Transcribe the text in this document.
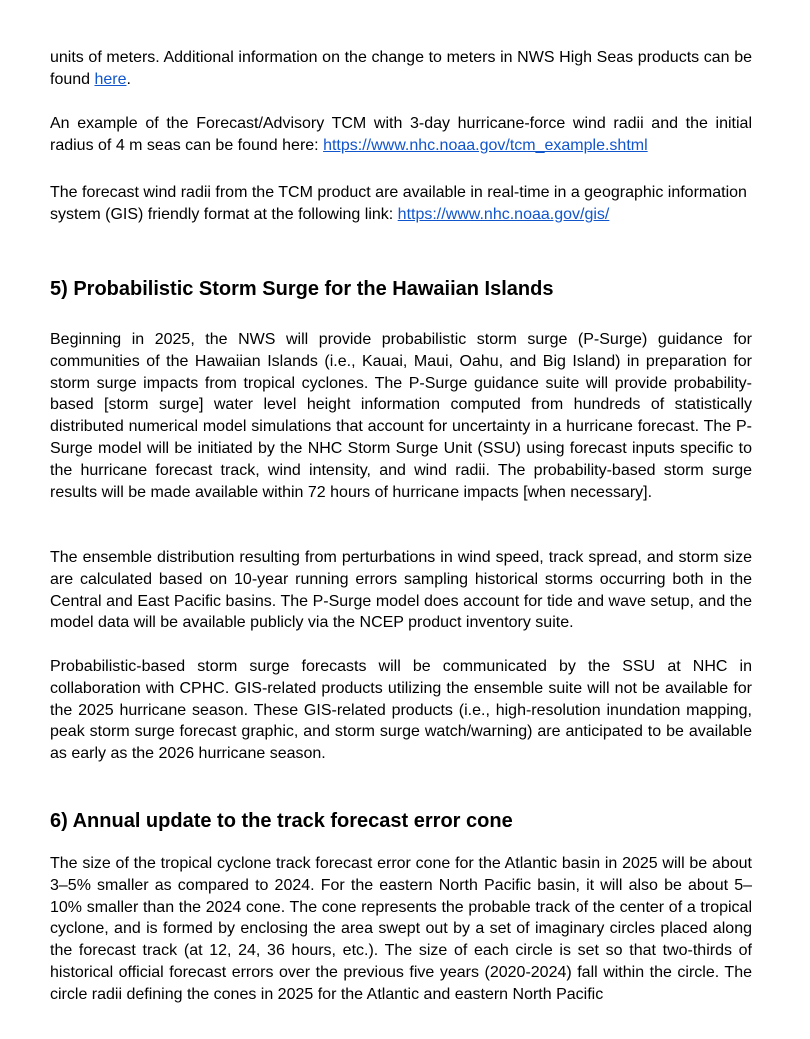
units of meters. Additional information on the change to meters in NWS High Seas products can be found here.

An example of the Forecast/Advisory TCM with 3-day hurricane-force wind radii and the initial radius of 4 m seas can be found here: https://www.nhc.noaa.gov/tcm_example.shtml

The forecast wind radii from the TCM product are available in real-time in a geographic information system (GIS) friendly format at the following link: https://www.nhc.noaa.gov/gis/

5) Probabilistic Storm Surge for the Hawaiian Islands

Beginning in 2025, the NWS will provide probabilistic storm surge (P-Surge) guidance for communities of the Hawaiian Islands (i.e., Kauai, Maui, Oahu, and Big Island) in preparation for storm surge impacts from tropical cyclones. The P-Surge guidance suite will provide probability-based [storm surge] water level height information computed from hundreds of statistically distributed numerical model simulations that account for uncertainty in a hurricane forecast. The P-Surge model will be initiated by the NHC Storm Surge Unit (SSU) using forecast inputs specific to the hurricane forecast track, wind intensity, and wind radii. The probability-based storm surge results will be made available within 72 hours of hurricane impacts [when necessary].

The ensemble distribution resulting from perturbations in wind speed, track spread, and storm size are calculated based on 10-year running errors sampling historical storms occurring both in the Central and East Pacific basins. The P-Surge model does account for tide and wave setup, and the model data will be available publicly via the NCEP product inventory suite.

Probabilistic-based storm surge forecasts will be communicated by the SSU at NHC in collaboration with CPHC. GIS-related products utilizing the ensemble suite will not be available for the 2025 hurricane season. These GIS-related products (i.e., high-resolution inundation mapping, peak storm surge forecast graphic, and storm surge watch/warning) are anticipated to be available as early as the 2026 hurricane season.

6) Annual update to the track forecast error cone

The size of the tropical cyclone track forecast error cone for the Atlantic basin in 2025 will be about 3–5% smaller as compared to 2024. For the eastern North Pacific basin, it will also be about 5–10% smaller than the 2024 cone. The cone represents the probable track of the center of a tropical cyclone, and is formed by enclosing the area swept out by a set of imaginary circles placed along the forecast track (at 12, 24, 36 hours, etc.). The size of each circle is set so that two-thirds of historical official forecast errors over the previous five years (2020-2024) fall within the circle. The circle radii defining the cones in 2025 for the Atlantic and eastern North Pacific
